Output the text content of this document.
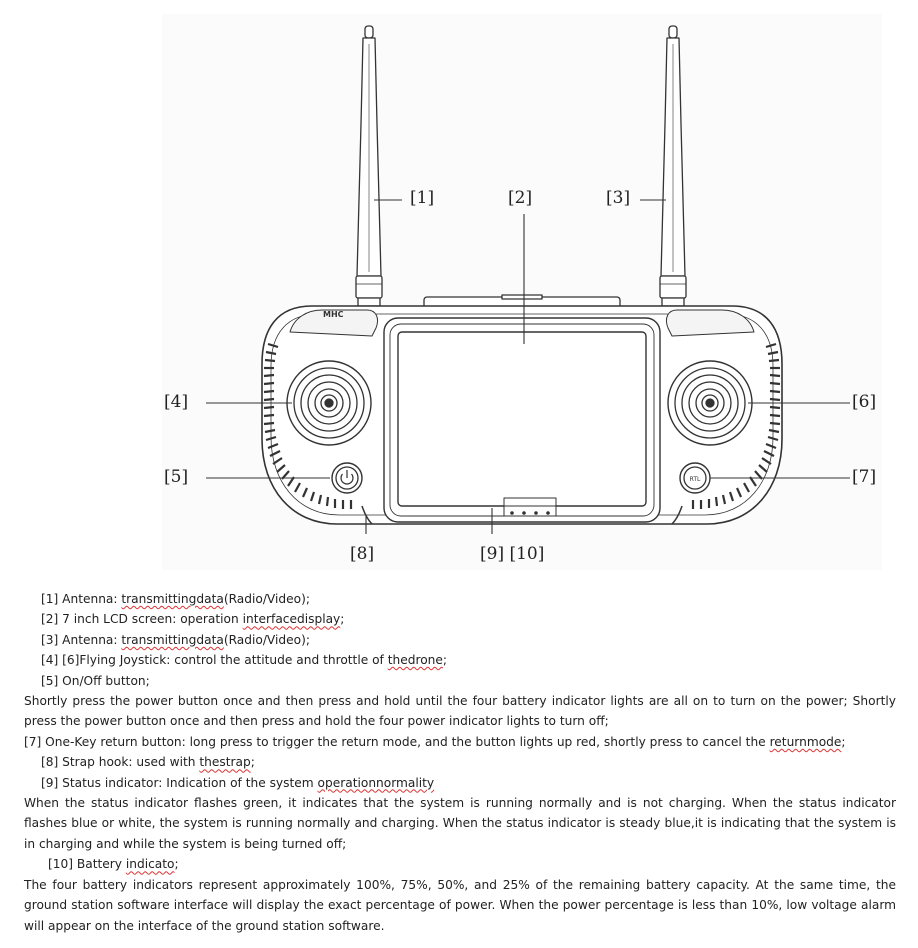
MHC
RTL
[1]	[2]	[3]
[4]
[5]
[6]
[7]
[8]	[9] [10]
[1] Antenna: transmittingdata(Radio/Video);
[2] 7 inch LCD screen: operation interfacedisplay;
[3] Antenna: transmittingdata(Radio/Video);
[4] [6]Flying Joystick: control the attitude and throttle of thedrone;
[5] On/Off button;
Shortly press the power button once and then press and hold until the four battery indicator lights are all on to turn on the power; Shortly press the power button once and then press and hold the four power indicator lights to turn off;
[7] One-Key return button: long press to trigger the return mode, and the button lights up red, shortly press to cancel the returnmode;
[8] Strap hook: used with thestrap;
[9] Status indicator: Indication of the system operationnormality
When the status indicator flashes green, it indicates that the system is running normally and is not charging. When the status indicator flashes blue or white, the system is running normally and charging. When the status indicator is steady blue,it is indicating that the system is in charging and while the system is being turned off;
[10] Battery indicato;
The four battery indicators represent approximately 100%, 75%, 50%, and 25% of the remaining battery capacity. At the same time, the ground station software interface will display the exact percentage of power. When the power percentage is less than 10%, low voltage alarm will appear on the interface of the ground station software.
